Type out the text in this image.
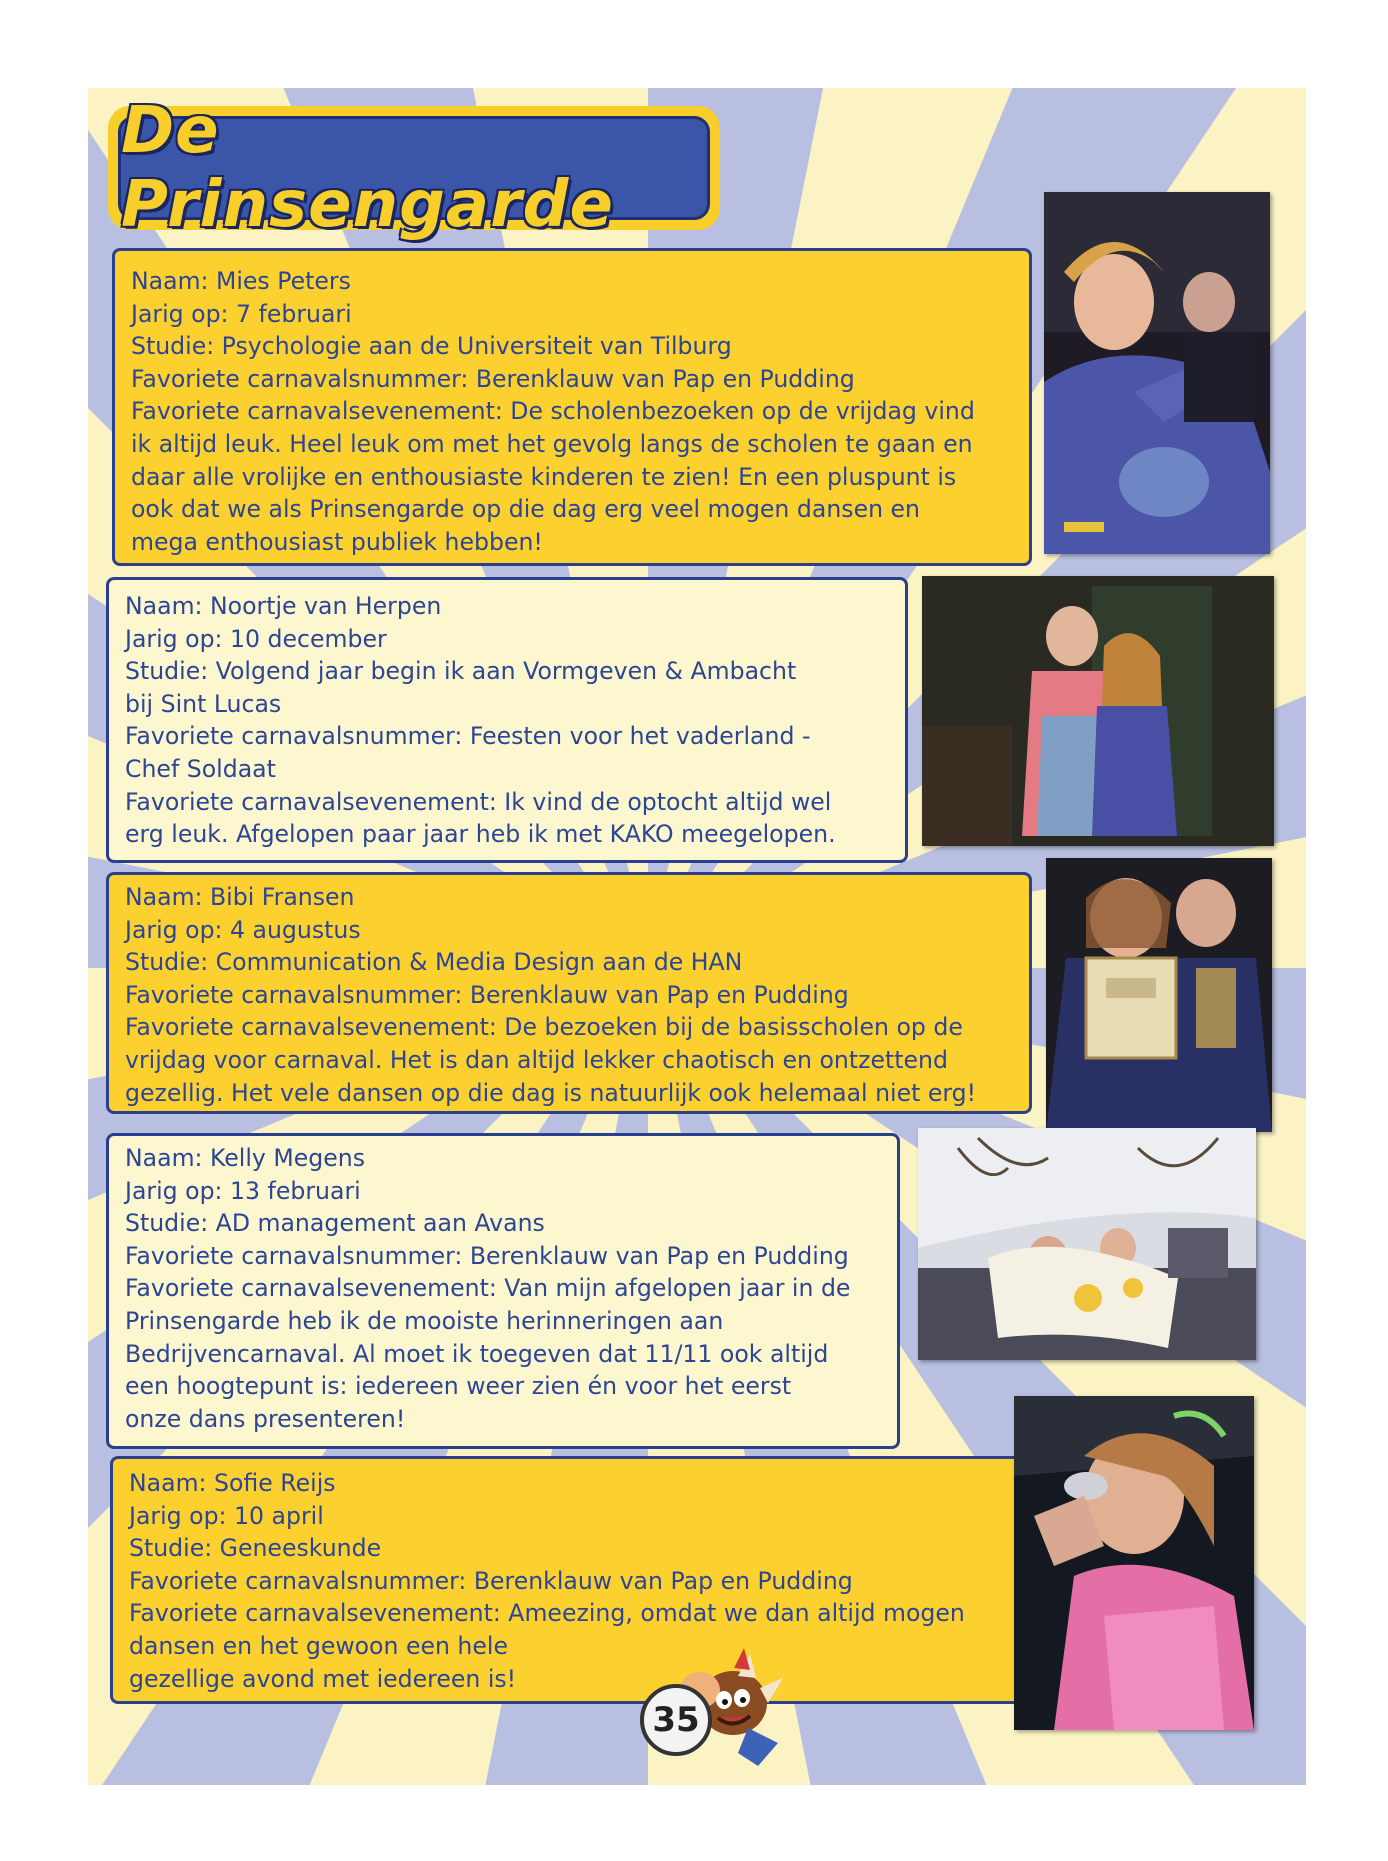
De Prinsengarde
Naam: Mies Peters
Jarig op: 7 februari
Studie: Psychologie aan de Universiteit van Tilburg
Favoriete carnavalsnummer: Berenklauw van Pap en Pudding
Favoriete carnavalsevenement: De scholenbezoeken op de vrijdag vind
ik altijd leuk. Heel leuk om met het gevolg langs de scholen te gaan en
daar alle vrolijke en enthousiaste kinderen te zien! En een pluspunt is
ook dat we als Prinsengarde op die dag erg veel mogen dansen en
mega enthousiast publiek hebben!
Naam: Noortje van Herpen
Jarig op: 10 december
Studie: Volgend jaar begin ik aan Vormgeven & Ambacht
bij Sint Lucas
Favoriete carnavalsnummer: Feesten voor het vaderland -
Chef Soldaat
Favoriete carnavalsevenement: Ik vind de optocht altijd wel
erg leuk. Afgelopen paar jaar heb ik met KAKO meegelopen.
Naam: Bibi Fransen
Jarig op: 4 augustus
Studie: Communication & Media Design aan de HAN
Favoriete carnavalsnummer: Berenklauw van Pap en Pudding
Favoriete carnavalsevenement: De bezoeken bij de basisscholen op de
vrijdag voor carnaval. Het is dan altijd lekker chaotisch en ontzettend
gezellig. Het vele dansen op die dag is natuurlijk ook helemaal niet erg!
Naam: Kelly Megens
Jarig op: 13 februari
Studie: AD management aan Avans
Favoriete carnavalsnummer: Berenklauw van Pap en Pudding
Favoriete carnavalsevenement: Van mijn afgelopen jaar in de
Prinsengarde heb ik de mooiste herinneringen aan
Bedrijvencarnaval. Al moet ik toegeven dat 11/11 ook altijd
een hoogtepunt is: iedereen weer zien én voor het eerst
onze dans presenteren!
Naam: Sofie Reijs
Jarig op: 10 april
Studie: Geneeskunde
Favoriete carnavalsnummer: Berenklauw van Pap en Pudding
Favoriete carnavalsevenement: Ameezing, omdat we dan altijd mogen
dansen en het gewoon een hele
gezellige avond met iedereen is!
35
